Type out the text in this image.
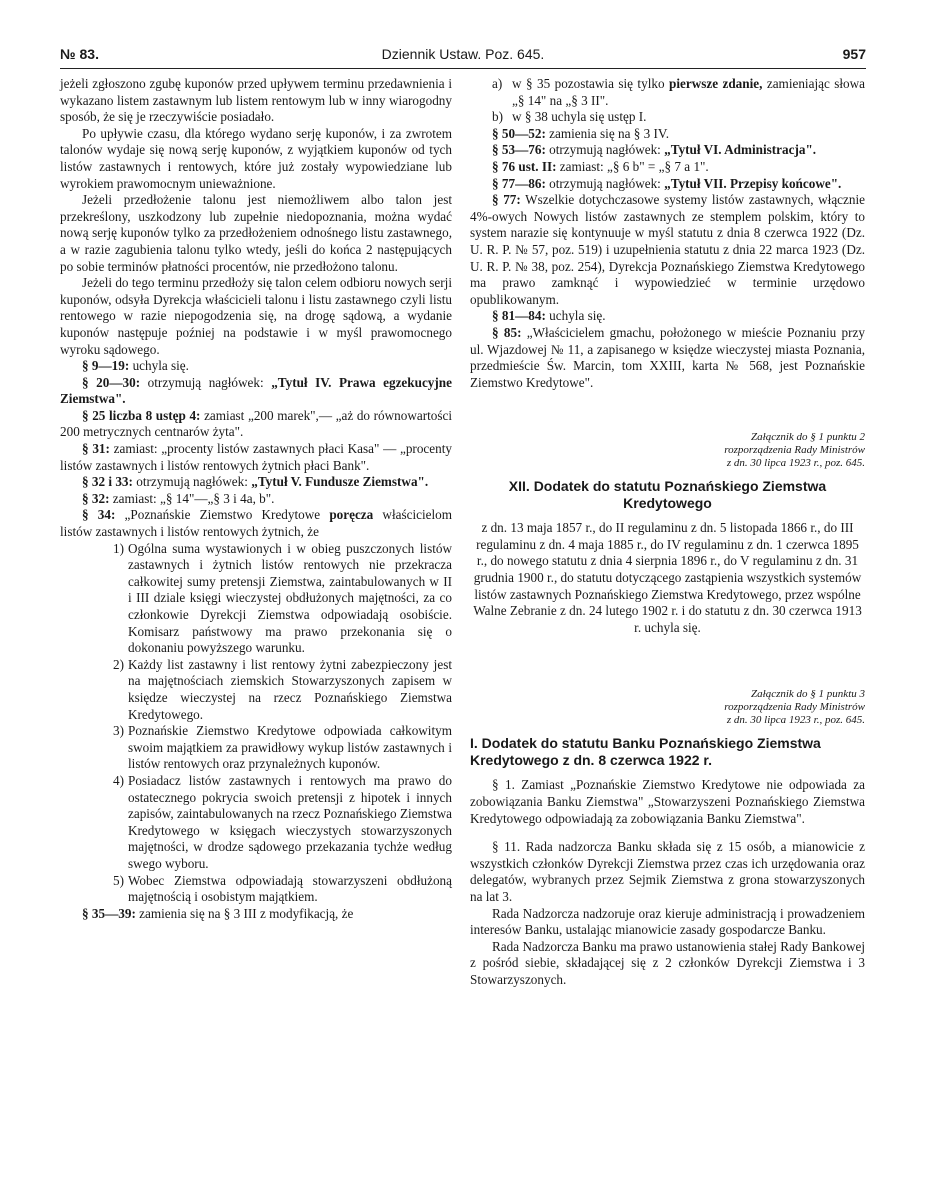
№ 83.	Dziennik Ustaw. Poz. 645.	957

jeżeli zgłoszono zgubę kuponów przed upływem terminu przedawnienia i wykazano listem zastawnym lub listem rentowym lub w inny wiarogodny sposób, że się je rzeczywiście posiadało.

Po upływie czasu, dla którego wydano serję kuponów, i za zwrotem talonów wydaje się nową serję kuponów, z wyjątkiem kuponów od tych listów zastawnych i rentowych, które już zostały wypowiedziane lub wyrokiem prawomocnym unieważnione.

Jeżeli przedłożenie talonu jest niemożliwem albo talon jest przekreślony, uszkodzony lub zupełnie niedopoznania, można wydać nową serję kuponów tylko za przedłożeniem odnośnego listu zastawnego, a w razie zagubienia talonu tylko wtedy, jeśli do końca 2 następujących po sobie terminów płatności procentów, nie przedłożono talonu.

Jeżeli do tego terminu przedłoży się talon celem odbioru nowych serji kuponów, odsyła Dyrekcja właścicieli talonu i listu zastawnego czyli listu rentowego w razie niepogodzenia się, na drogę sądową, a wydanie kuponów następuje poźniej na podstawie i w myśl prawomocnego wyroku sądowego.

§ 9—19: uchyla się.

§ 20—30: otrzymują nagłówek: „Tytuł IV. Prawa egzekucyjne Ziemstwa".

§ 25 liczba 8 ustęp 4: zamiast „200 marek",— „aż do równowartości 200 metrycznych centnarów żyta".

§ 31: zamiast: „procenty listów zastawnych płaci Kasa" — „procenty listów zastawnych i listów rentowych żytnich płaci Bank".

§ 32 i 33: otrzymują nagłówek: „Tytuł V. Fundusze Ziemstwa".

§ 32: zamiast: „§ 14"—„§ 3 i 4a, b".

§ 34: „Poznańskie Ziemstwo Kredytowe poręcza właścicielom listów zastawnych i listów rentowych żytnich, że

1) Ogólna suma wystawionych i w obieg puszczonych listów zastawnych i żytnich listów rentowych nie przekracza całkowitej sumy pretensji Ziemstwa, zaintabulowanych w II i III dziale księgi wieczystej obdłużonych majętności, za co członkowie Dyrekcji Ziemstwa odpowiadają osobiście. Komisarz państwowy ma prawo przekonania się o dokonaniu powyższego warunku.
2) Każdy list zastawny i list rentowy żytni zabezpieczony jest na majętnościach ziemskich Stowarzyszonych zapisem w księdze wieczystej na rzecz Poznańskiego Ziemstwa Kredytowego.
3) Poznańskie Ziemstwo Kredytowe odpowiada całkowitym swoim majątkiem za prawidłowy wykup listów zastawnych i listów rentowych oraz przynależnych kuponów.
4) Posiadacz listów zastawnych i rentowych ma prawo do ostatecznego pokrycia swoich pretensji z hipotek i innych zapisów, zaintabulowanych na rzecz Poznańskiego Ziemstwa Kredytowego w księgach wieczystych stowarzyszonych majętności, w drodze sądowego przekazania tychże według swego wyboru.
5) Wobec Ziemstwa odpowiadają stowarzyszeni obdłużoną majętnością i osobistym majątkiem.

§ 35—39: zamienia się na § 3 III z modyfikacją, że

a) w § 35 pozostawia się tylko pierwsze zdanie, zamieniając słowa „§ 14" na „§ 3 II".
b) w § 38 uchyla się ustęp I.

§ 50—52: zamienia się na § 3 IV.

§ 53—76: otrzymują nagłówek: „Tytuł VI. Administracja".

§ 76 ust. II: zamiast: „§ 6 b" = „§ 7 a 1".

§ 77—86: otrzymują nagłówek: „Tytuł VII. Przepisy końcowe".

§ 77: Wszelkie dotychczasowe systemy listów zastawnych, włącznie 4%-owych Nowych listów zastawnych ze stemplem polskim, który to system narazie się kontynuuje w myśl statutu z dnia 8 czerwca 1922 (Dz. U. R. P. № 57, poz. 519) i uzupełnienia statutu z dnia 22 marca 1923 (Dz. U. R. P. № 38, poz. 254), Dyrekcja Poznańskiego Ziemstwa Kredytowego ma prawo zamknąć i wypowiedzieć w terminie urzędowo opublikowanym.

§ 81—84: uchyla się.

§ 85: „Właścicielem gmachu, położonego w mieście Poznaniu przy ul. Wjazdowej № 11, a zapisanego w księdze wieczystej miasta Poznania, przedmieście Św. Marcin, tom XXIII, karta № 568, jest Poznańskie Ziemstwo Kredytowe".

Załącznik do § 1 punktu 2
rozporządzenia Rady Ministrów
z dn. 30 lipca 1923 r., poz. 645.
XII. Dodatek do statutu Poznańskiego Ziemstwa Kredytowego

z dn. 13 maja 1857 r., do II regulaminu z dn. 5 listopada 1866 r., do III regulaminu z dn. 4 maja 1885 r., do IV regulaminu z dn. 1 czerwca 1895 r., do nowego statutu z dnia 4 sierpnia 1896 r., do V regulaminu z dn. 31 grudnia 1900 r., do statutu dotyczącego zastąpienia wszystkich systemów listów zastawnych Poznańskiego Ziemstwa Kredytowego, przez wspólne Walne Zebranie z dn. 24 lutego 1902 r. i do statutu z dn. 30 czerwca 1913 r. uchyla się.

Załącznik do § 1 punktu 3
rozporządzenia Rady Ministrów
z dn. 30 lipca 1923 r., poz. 645.
I. Dodatek do statutu Banku Poznańskiego Ziemstwa Kredytowego z dn. 8 czerwca 1922 r.

§ 1. Zamiast „Poznańskie Ziemstwo Kredytowe nie odpowiada za zobowiązania Banku Ziemstwa" „Stowarzyszeni Poznańskiego Ziemstwa Kredytowego odpowiadają za zobowiązania Banku Ziemstwa".

§ 11. Rada nadzorcza Banku składa się z 15 osób, a mianowicie z wszystkich członków Dyrekcji Ziemstwa przez czas ich urzędowania oraz delegatów, wybranych przez Sejmik Ziemstwa z grona stowarzyszonych na lat 3.

Rada Nadzorcza nadzoruje oraz kieruje administracją i prowadzeniem interesów Banku, ustalając mianowicie zasady gospodarcze Banku.

Rada Nadzorcza Banku ma prawo ustanowienia stałej Rady Bankowej z pośród siebie, składającej się z 2 członków Dyrekcji Ziemstwa i 3 Stowarzyszonych.
